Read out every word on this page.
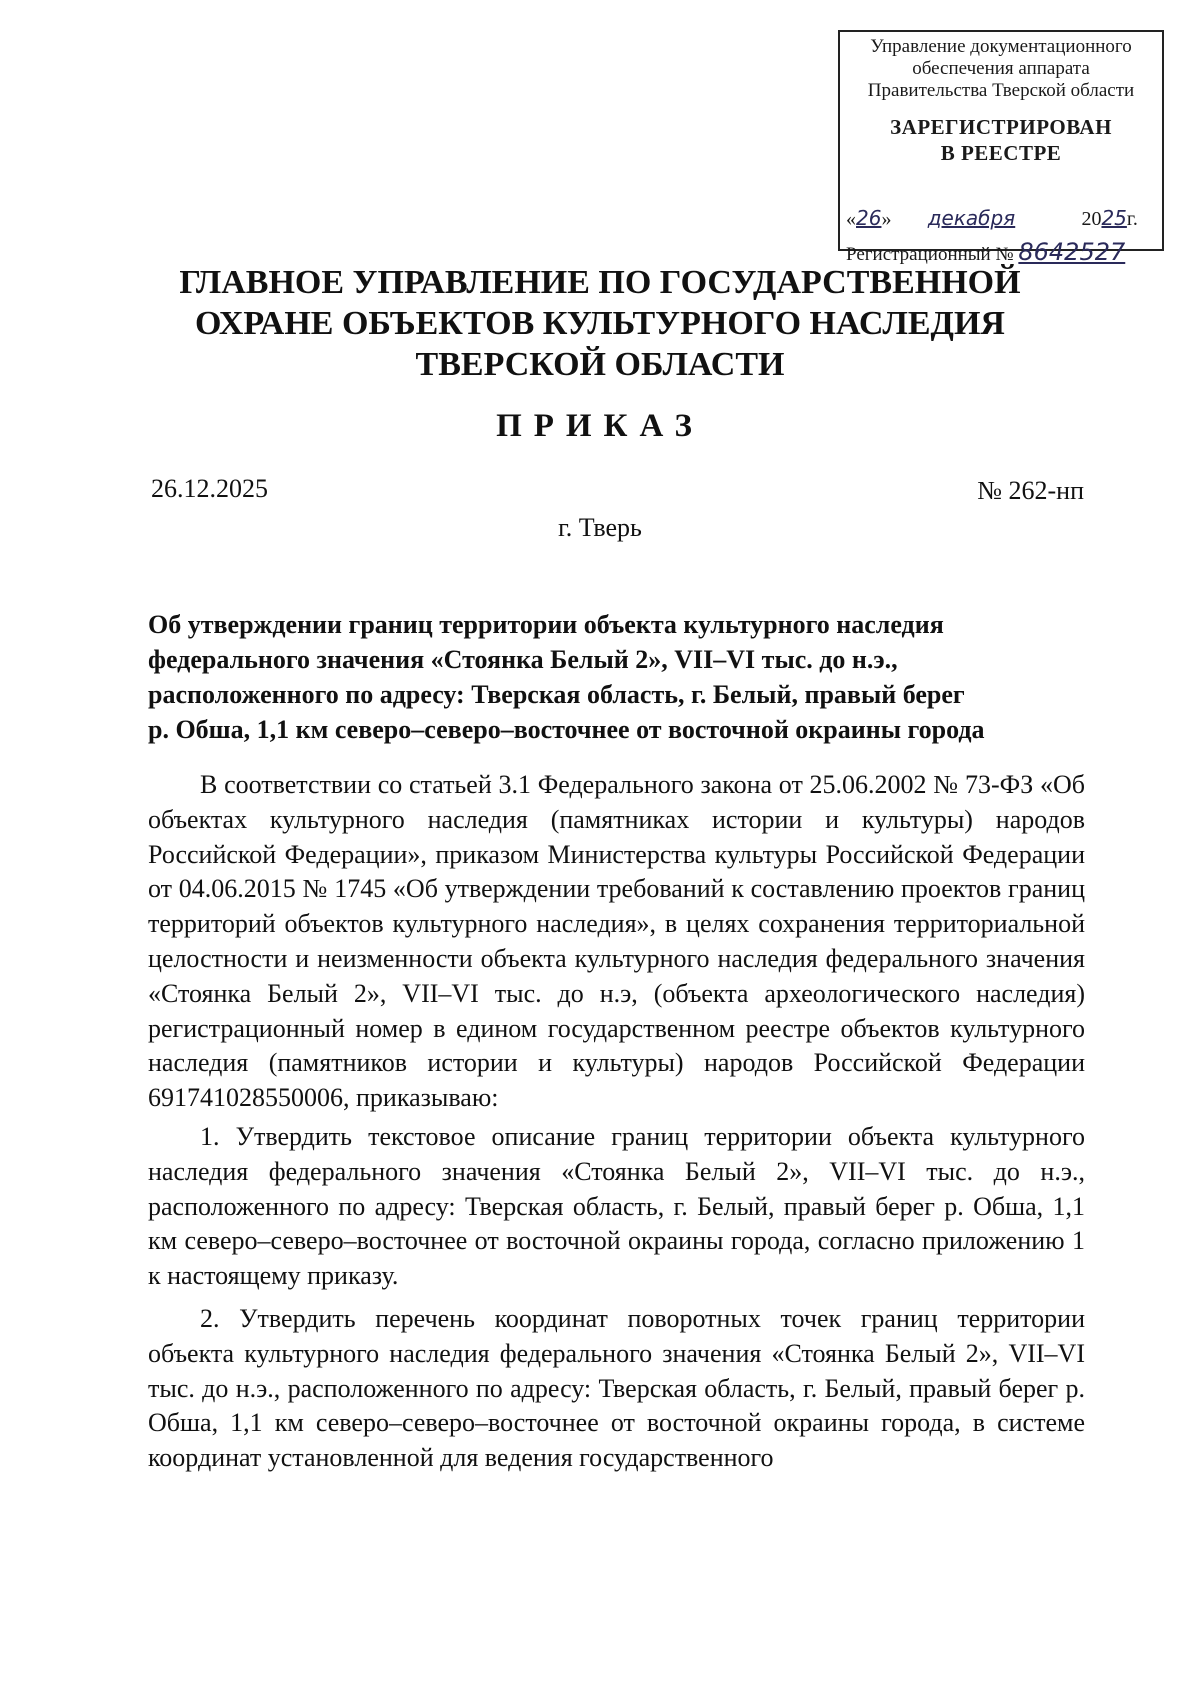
Управление документационного
обеспечения аппарата
Правительства Тверской области
ЗАРЕГИСТРИРОВАН
В РЕЕСТРЕ
«26» декабря	2025г.
Регистрационный № 8642527
ГЛАВНОЕ УПРАВЛЕНИЕ ПО ГОСУДАРСТВЕННОЙ
ОХРАНЕ ОБЪЕКТОВ КУЛЬТУРНОГО НАСЛЕДИЯ
ТВЕРСКОЙ ОБЛАСТИ
ПРИКАЗ
26.12.2025	№ 262-нп
г. Тверь
Об утверждении границ территории объекта культурного наследия
федерального значения «Стоянка Белый 2», VII–VI тыс. до н.э.,
расположенного по адресу: Тверская область, г. Белый, правый берег
р. Обша, 1,1 км северо–северо–восточнее от восточной окраины города

В соответствии со статьей 3.1 Федерального закона от 25.06.2002 № 73-ФЗ «Об объектах культурного наследия (памятниках истории и культуры) народов Российской Федерации», приказом Министерства культуры Российской Федерации от 04.06.2015 № 1745 «Об утверждении требований к составлению проектов границ территорий объектов культурного наследия», в целях сохранения территориальной целостности и неизменности объекта культурного наследия федерального значения «Стоянка Белый 2», VII–VI тыс. до н.э, (объекта археологического наследия) регистрационный номер в едином государственном реестре объектов культурного наследия (памятников истории и культуры) народов Российской Федерации 691741028550006, приказываю:

1. Утвердить текстовое описание границ территории объекта культурного наследия федерального значения «Стоянка Белый 2», VII–VI тыс. до н.э., расположенного по адресу: Тверская область, г. Белый, правый берег р. Обша, 1,1 км северо–северо–восточнее от восточной окраины города, согласно приложению 1 к настоящему приказу.

2. Утвердить перечень координат поворотных точек границ территории объекта культурного наследия федерального значения «Стоянка Белый 2», VII–VI тыс. до н.э., расположенного по адресу: Тверская область, г. Белый, правый берег р. Обша, 1,1 км северо–северо–восточнее от восточной окраины города, в системе координат установленной для ведения государственного
